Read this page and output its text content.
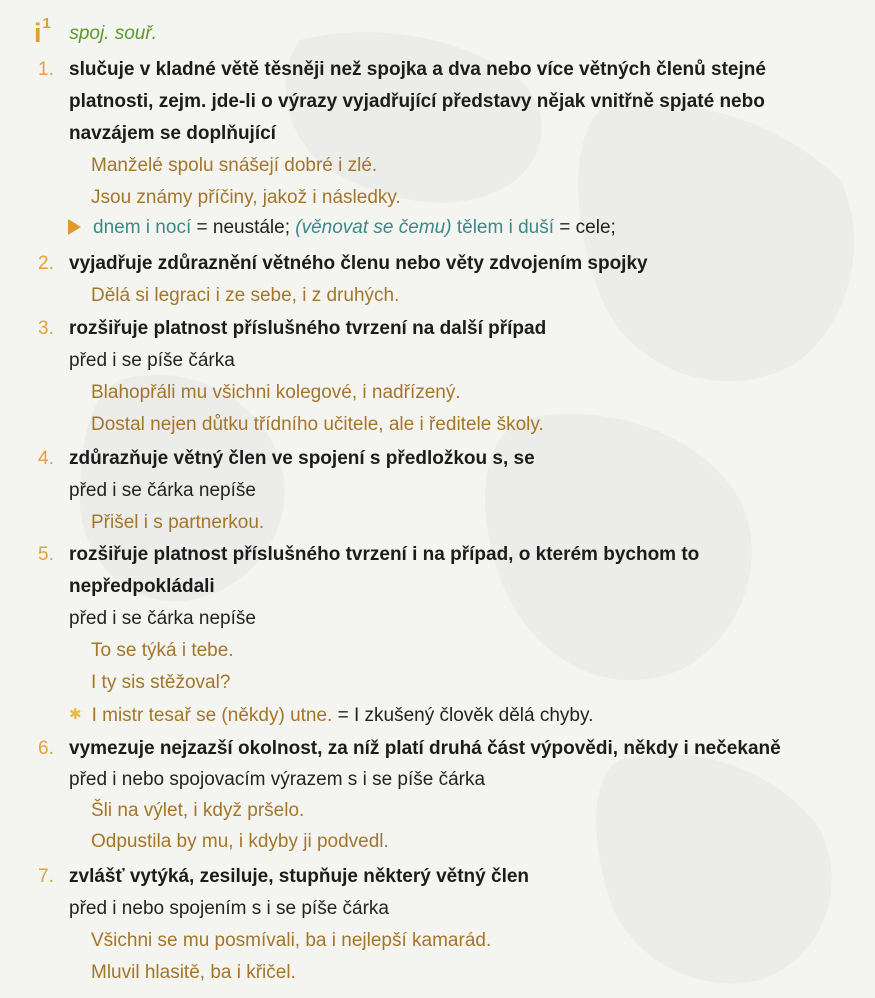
$i^1$ spoj. souř.
1. slučuje v kladné větě těsněji než spojka a dva nebo více větných členů stejné
platnosti, zejm. jde-li o výrazy vyjadřující představy nějak vnitřně spjaté nebo
navzájem se doplňující
Manželé spolu snášejí dobré i zlé.
Jsou známy příčiny, jakož i následky.
dnem i nocí = neustále; (věnovat se čemu) tělem i duší = cele;
2. vyjadřuje zdůraznění větného členu nebo věty zdvojením spojky
Dělá si legraci i ze sebe, i z druhých.
3. rozšiřuje platnost příslušného tvrzení na další případ
před i se píše čárka
Blahopřáli mu všichni kolegové, i nadřízený.
Dostal nejen důtku třídního učitele, ale i ředitele školy.
4. zdůrazňuje větný člen ve spojení s předložkou s, se
před i se čárka nepíše
Přišel i s partnerkou.
5. rozšiřuje platnost příslušného tvrzení i na případ, o kterém bychom to
nepředpokládali
před i se čárka nepíše
To se týká i tebe.
I ty sis stěžoval?
✱ I mistr tesař se (někdy) utne. = I zkušený člověk dělá chyby.
6. vymezuje nejzazší okolnost, za níž platí druhá část výpovědi, někdy i nečekaně
před i nebo spojovacím výrazem s i se píše čárka
Šli na výlet, i když pršelo.
Odpustila by mu, i kdyby ji podvedl.
7. zvlášť vytýká, zesiluje, stupňuje některý větný člen
před i nebo spojením s i se píše čárka
Všichni se mu posmívali, ba i nejlepší kamarád.
Mluvil hlasitě, ba i křičel.
